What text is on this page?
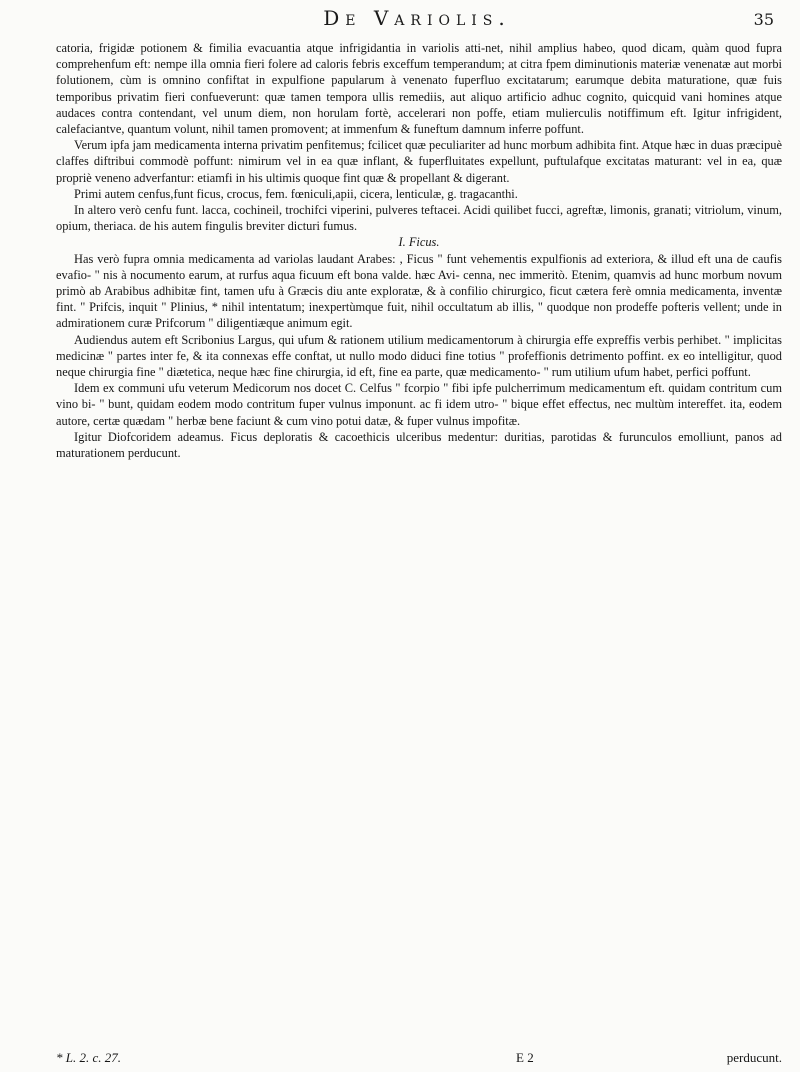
De Variolis.	35

catoria, frigidæ potionem & fimilia evacuantia atque infrigidantia in variolis atti-net, nihil amplius habeo, quod dicam, quàm quod fupra comprehenfum eft: nempe illa omnia fieri folere ad caloris febris exceffum temperandum; at citra fpem diminutionis materiæ venenatæ aut morbi folutionem, cùm is omnino confiftat in expulfione papularum à venenato fuperfluo excitatarum; earumque debita maturatione, quæ fuis temporibus privatim fieri confueverunt: quæ tamen tempora ullis remediis, aut aliquo artificio adhuc cognito, quicquid vani homines atque audaces contra contendant, vel unum diem, non horulam fortè, accelerari non poffe, etiam mulierculis notiffimum eft. Igitur infrigident, calefaciantve, quantum volunt, nihil tamen promovent; at immenfum & funeftum damnum inferre poffunt.

Verum ipfa jam medicamenta interna privatim penfitemus; fcilicet quæ peculiariter ad hunc morbum adhibita fint. Atque hæc in duas præcipuè claffes diftribui commodè poffunt: nimirum vel in ea quæ inflant, & fuperfluitates expellunt, puftulafque excitatas maturant: vel in ea, quæ propriè veneno adverfantur: etiamfi in his ultimis quoque fint quæ & propellant & digerant.

Primi autem cenfus,funt ficus, crocus, fem. fœniculi,apii, cicera, lenticulæ, g. tragacanthi.

In altero verò cenfu funt. lacca, cochineil, trochifci viperini, pulveres teftacei. Acidi quilibet fucci, agreftæ, limonis, granati; vitriolum, vinum, opium, theriaca. de his autem fingulis breviter dicturi fumus.

I. Ficus.

Has verò fupra omnia medicamenta ad variolas laudant Arabes: , Ficus " funt vehementis expulfionis ad exteriora, & illud eft una de caufis evafio- " nis à nocumento earum, at rurfus aqua ficuum eft bona valde. hæc Avi- cenna, nec immeritò. Etenim, quamvis ad hunc morbum novum primò ab Arabibus adhibitæ fint, tamen ufu à Græcis diu ante exploratæ, & à confilio chirurgico, ficut cætera ferè omnia medicamenta, inventæ fint. " Prifcis, inquit " Plinius, * nihil intentatum; inexpertùmque fuit, nihil occultatum ab illis, " quodque non prodeffe pofteris vellent; unde in admirationem curæ Prifcorum " diligentiæque animum egit.

Audiendus autem eft Scribonius Largus, qui ufum & rationem utilium medicamentorum à chirurgia effe expreffis verbis perhibet. " implicitas medicinæ " partes inter fe, & ita connexas effe conftat, ut nullo modo diduci fine totius " profeffionis detrimento poffint. ex eo intelligitur, quod neque chirurgia fine " diætetica, neque hæc fine chirurgia, id eft, fine ea parte, quæ medicamento- " rum utilium ufum habet, perfici poffunt.

Idem ex communi ufu veterum Medicorum nos docet C. Celfus " fcorpio " fibi ipfe pulcherrimum medicamentum eft. quidam contritum cum vino bi- " bunt, quidam eodem modo contritum fuper vulnus imponunt. ac fi idem utro- " bique effet effectus, nec multùm intereffet. ita, eodem autore, certæ quædam " herbæ bene faciunt & cum vino potui datæ, & fuper vulnus impofitæ.

Igitur Diofcoridem adeamus. Ficus deploratis & cacoethicis ulceribus medentur: duritias, parotidas & furunculos emolliunt, panos ad maturationem perducunt.

* L. 2. c. 27.	E 2	perducunt.
